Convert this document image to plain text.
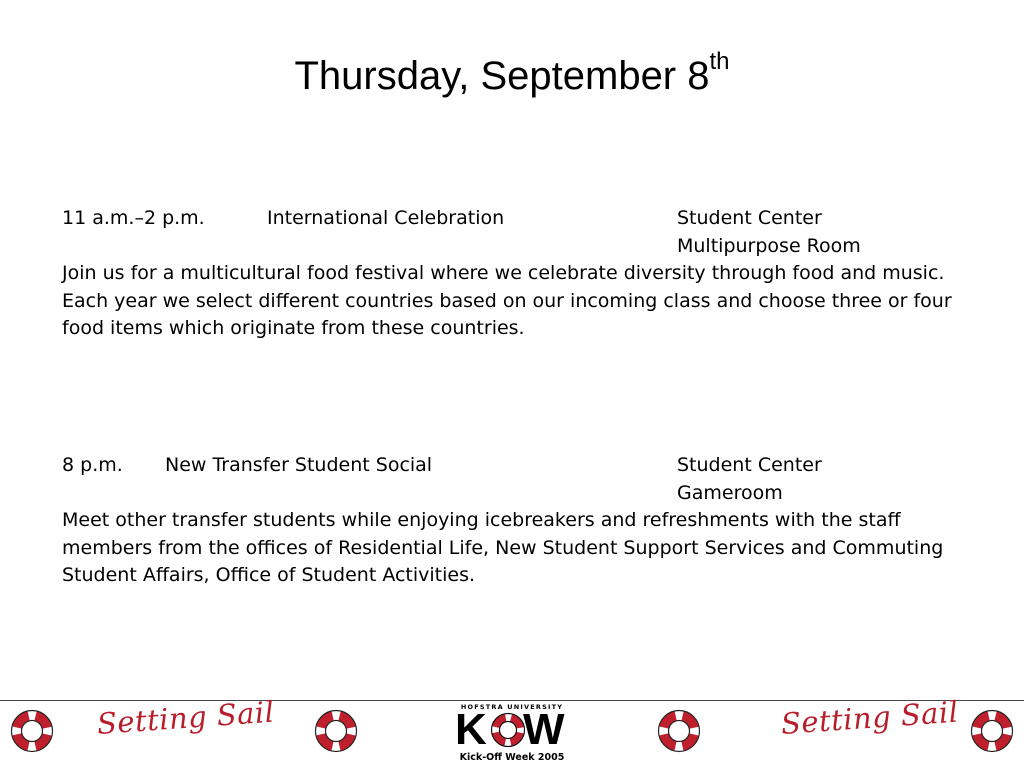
Thursday, September 8th
11 a.m.–2 p.m.	International Celebration	Student Center
Multipurpose Room
Join us for a multicultural food festival where we celebrate diversity through food and music. Each year we select different countries based on our incoming class and choose three or four food items which originate from these countries.
8 p.m. New Transfer Student Social	Student Center
Gameroom
Meet other transfer students while enjoying icebreakers and refreshments with the staff members from the offices of Residential Life, New Student Support Services and Commuting Student Affairs, Office of Student Activities.
Setting Sail	HOFSTRA UNIVERSITY
K W
Kick-Off Week 2005
Setting Sail
